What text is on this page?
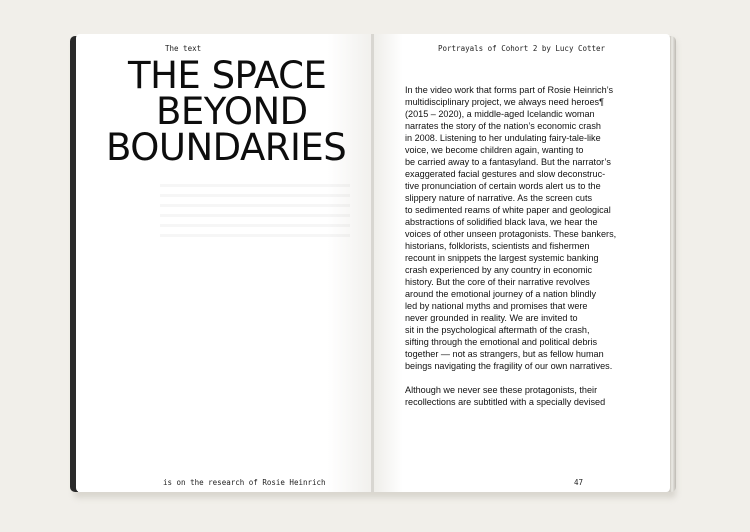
The text	Portrayals of Cohort 2 by Lucy Cotter
THE SPACE
BEYOND
BOUNDARIES
In the video work that forms part of Rosie Heinrich’s
multidisciplinary project, we always need heroes¶
(2015 – 2020), a middle-aged Icelandic woman
narrates the story of the nation’s economic crash
in 2008. Listening to her undulating fairy-tale-like
voice, we become children again, wanting to
be carried away to a fantasyland. But the narrator’s
exaggerated facial gestures and slow deconstruc-
tive pronunciation of certain words alert us to the
slippery nature of narrative. As the screen cuts
to sedimented reams of white paper and geological
abstractions of solidified black lava, we hear the
voices of other unseen protagonists. These bankers,
historians, folklorists, scientists and fishermen
recount in snippets the largest systemic banking
crash experienced by any country in economic
history. But the core of their narrative revolves
around the emotional journey of a nation blindly
led by national myths and promises that were
never grounded in reality. We are invited to
sit in the psychological aftermath of the crash,
sifting through the emotional and political debris
together — not as strangers, but as fellow human
beings navigating the fragility of our own narratives.
Although we never see these protagonists, their
recollections are subtitled with a specially devised
is on the research of Rosie Heinrich	47
